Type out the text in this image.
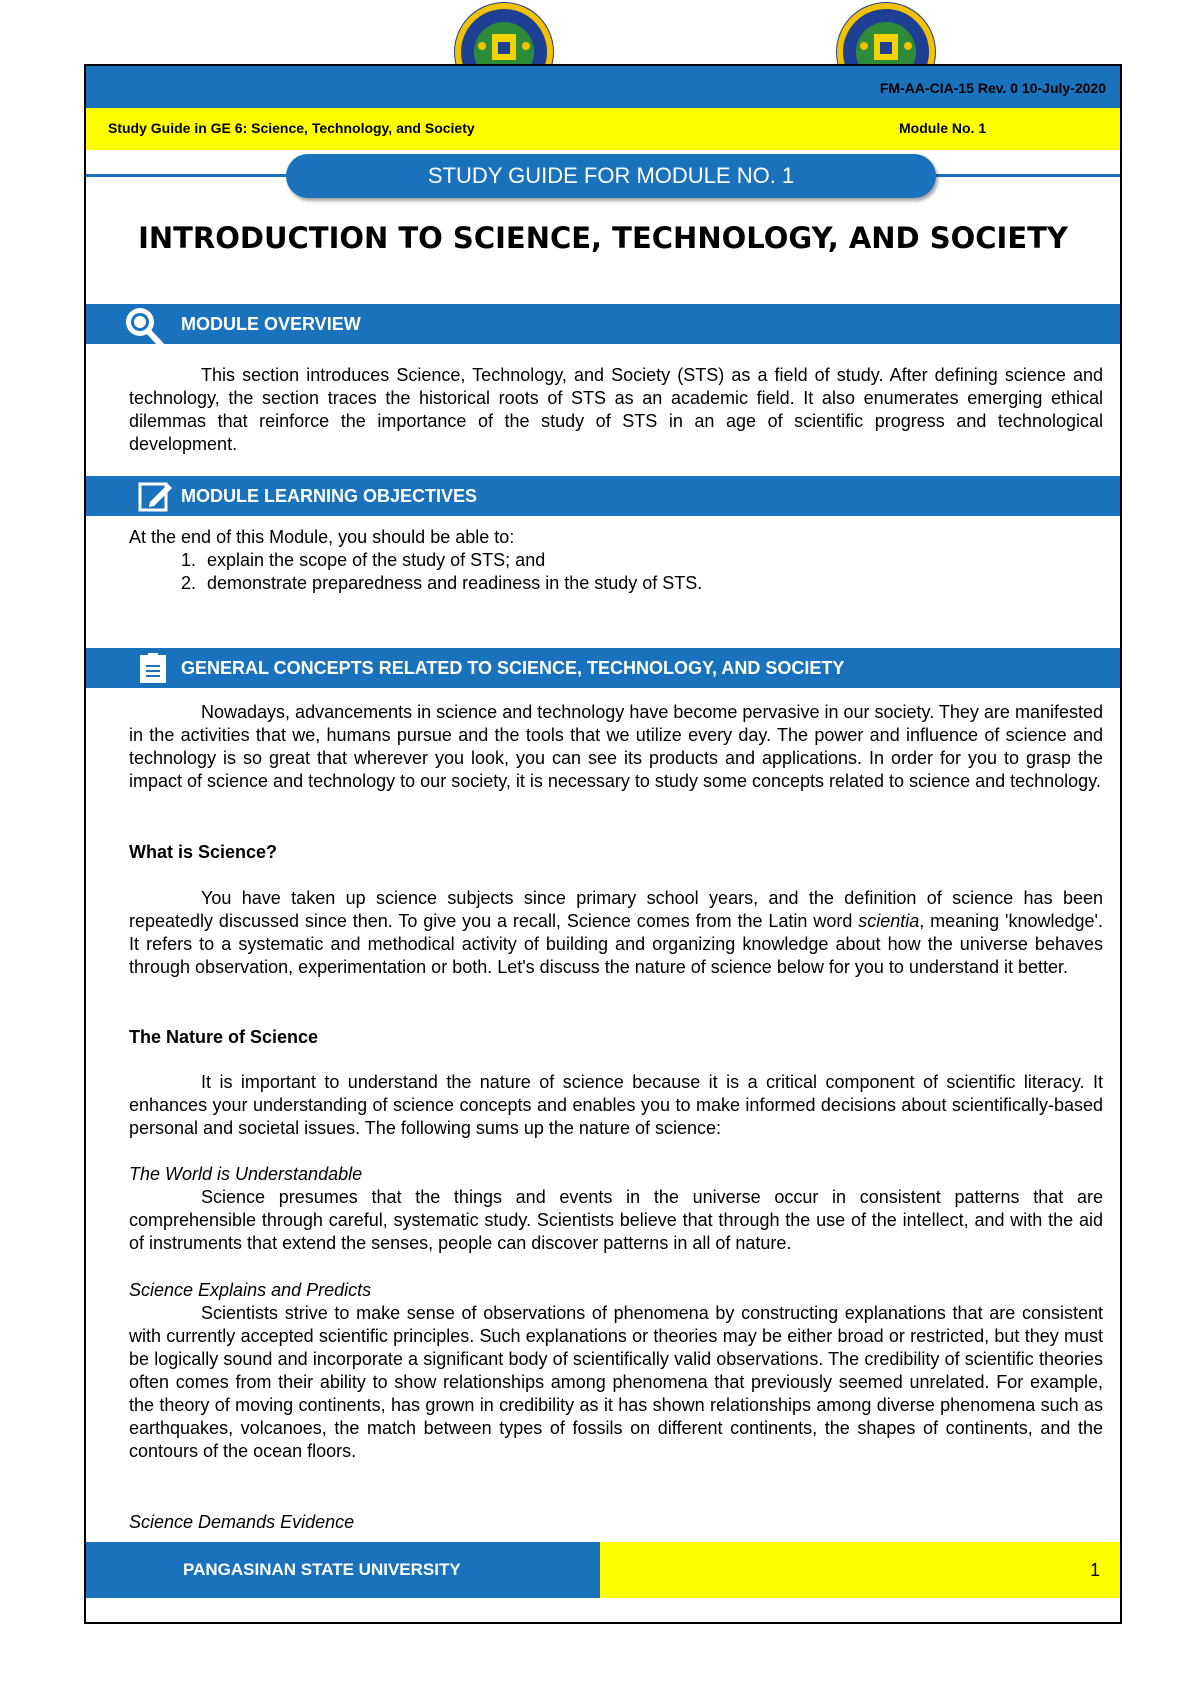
FM-AA-CIA-15 Rev. 0 10-July-2020
Study Guide in GE 6: Science, Technology, and Society	Module No. 1
STUDY GUIDE FOR MODULE NO. 1
INTRODUCTION TO SCIENCE, TECHNOLOGY, AND SOCIETY
MODULE OVERVIEW
This section introduces Science, Technology, and Society (STS) as a field of study. After defining science and technology, the section traces the historical roots of STS as an academic field. It also enumerates emerging ethical dilemmas that reinforce the importance of the study of STS in an age of scientific progress and technological development.
MODULE LEARNING OBJECTIVES
At the end of this Module, you should be able to:
1. explain the scope of the study of STS; and
2. demonstrate preparedness and readiness in the study of STS.
GENERAL CONCEPTS RELATED TO SCIENCE, TECHNOLOGY, AND SOCIETY
Nowadays, advancements in science and technology have become pervasive in our society. They are manifested in the activities that we, humans pursue and the tools that we utilize every day. The power and influence of science and technology is so great that wherever you look, you can see its products and applications. In order for you to grasp the impact of science and technology to our society, it is necessary to study some concepts related to science and technology.
What is Science?
You have taken up science subjects since primary school years, and the definition of science has been repeatedly discussed since then. To give you a recall, Science comes from the Latin word scientia, meaning 'knowledge'. It refers to a systematic and methodical activity of building and organizing knowledge about how the universe behaves through observation, experimentation or both. Let's discuss the nature of science below for you to understand it better.
The Nature of Science
It is important to understand the nature of science because it is a critical component of scientific literacy. It enhances your understanding of science concepts and enables you to make informed decisions about scientifically-based personal and societal issues. The following sums up the nature of science:
The World is Understandable
Science presumes that the things and events in the universe occur in consistent patterns that are comprehensible through careful, systematic study. Scientists believe that through the use of the intellect, and with the aid of instruments that extend the senses, people can discover patterns in all of nature.
Science Explains and Predicts
Scientists strive to make sense of observations of phenomena by constructing explanations that are consistent with currently accepted scientific principles. Such explanations or theories may be either broad or restricted, but they must be logically sound and incorporate a significant body of scientifically valid observations. The credibility of scientific theories often comes from their ability to show relationships among phenomena that previously seemed unrelated. For example, the theory of moving continents, has grown in credibility as it has shown relationships among diverse phenomena such as earthquakes, volcanoes, the match between types of fossils on different continents, the shapes of continents, and the contours of the ocean floors.
Science Demands Evidence
PANGASINAN STATE UNIVERSITY	1
